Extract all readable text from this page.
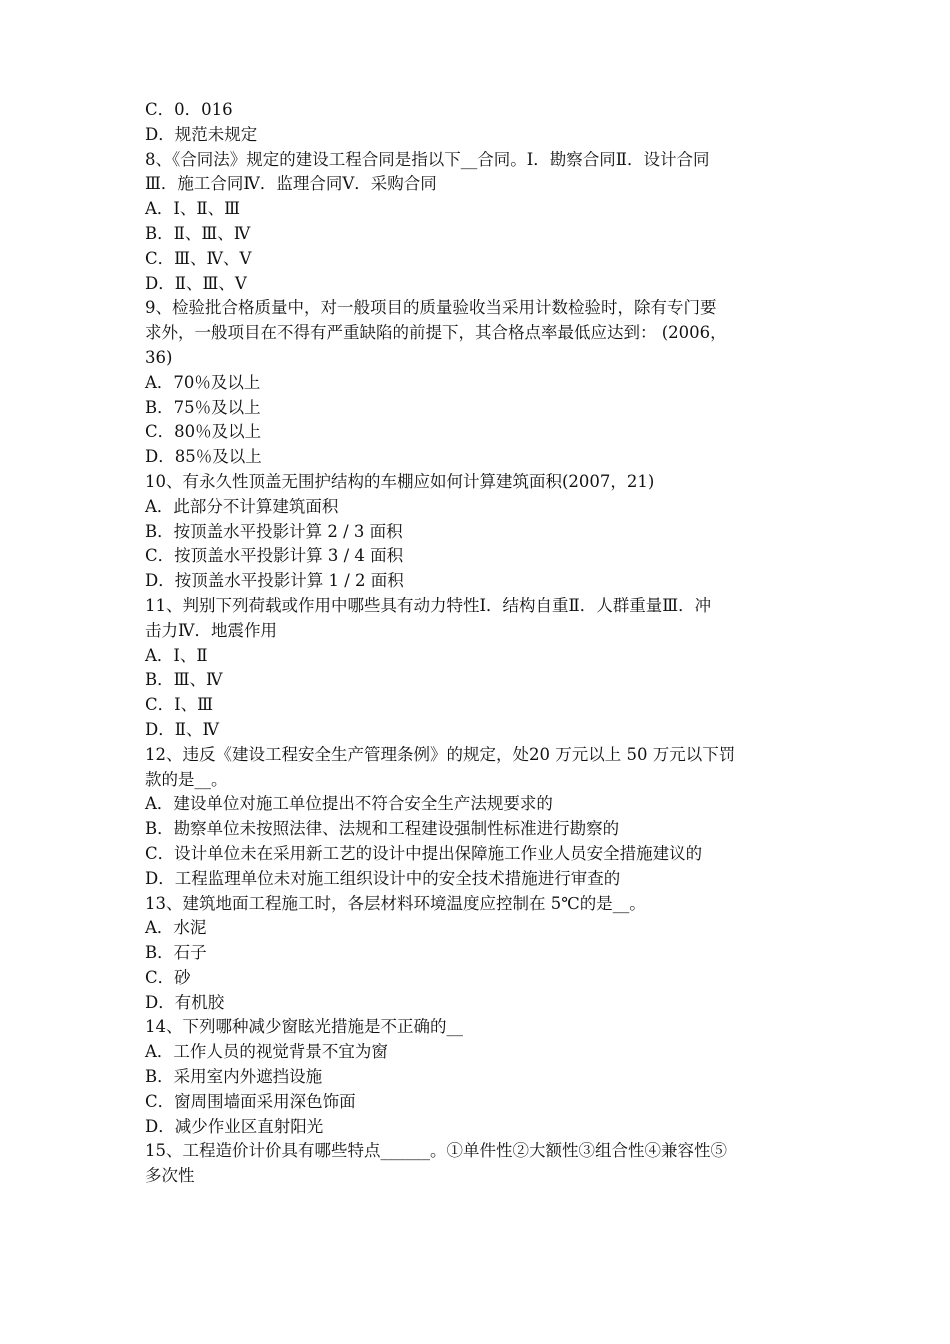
C．0．016
D．规范未规定
8、《合同法》规定的建设工程合同是指以下__合同。Ⅰ．勘察合同Ⅱ．设计合同
Ⅲ．施工合同Ⅳ．监理合同Ⅴ．采购合同
A．Ⅰ、Ⅱ、Ⅲ
B．Ⅱ、Ⅲ、Ⅳ
C．Ⅲ、Ⅳ、Ⅴ
D．Ⅱ、Ⅲ、Ⅴ
9、检验批合格质量中，对一般项目的质量验收当采用计数检验时，除有专门要
求外，一般项目在不得有严重缺陷的前提下，其合格点率最低应达到： (2006，
36)
A．70％及以上
B．75％及以上
C．80％及以上
D．85％及以上
10、有永久性顶盖无围护结构的车棚应如何计算建筑面积(2007，21)
A．此部分不计算建筑面积
B．按顶盖水平投影计算 2 / 3 面积
C．按顶盖水平投影计算 3 / 4 面积
D．按顶盖水平投影计算 1 / 2 面积
11、判别下列荷载或作用中哪些具有动力特性Ⅰ．结构自重Ⅱ．人群重量Ⅲ．冲
击力Ⅳ．地震作用
A．Ⅰ、Ⅱ
B．Ⅲ、Ⅳ
C．Ⅰ、Ⅲ
D．Ⅱ、Ⅳ
12、违反《建设工程安全生产管理条例》的规定，处20 万元以上 50 万元以下罚
款的是__。
A．建设单位对施工单位提出不符合安全生产法规要求的
B．勘察单位未按照法律、法规和工程建设强制性标准进行勘察的
C．设计单位未在采用新工艺的设计中提出保障施工作业人员安全措施建议的
D．工程监理单位未对施工组织设计中的安全技术措施进行审查的
13、建筑地面工程施工时，各层材料环境温度应控制在 5℃的是__。
A．水泥
B．石子
C．砂
D．有机胶
14、下列哪种减少窗眩光措施是不正确的__
A．工作人员的视觉背景不宜为窗
B．采用室内外遮挡设施
C．窗周围墙面采用深色饰面
D．减少作业区直射阳光
15、工程造价计价具有哪些特点______。①单件性②大额性③组合性④兼容性⑤
多次性
